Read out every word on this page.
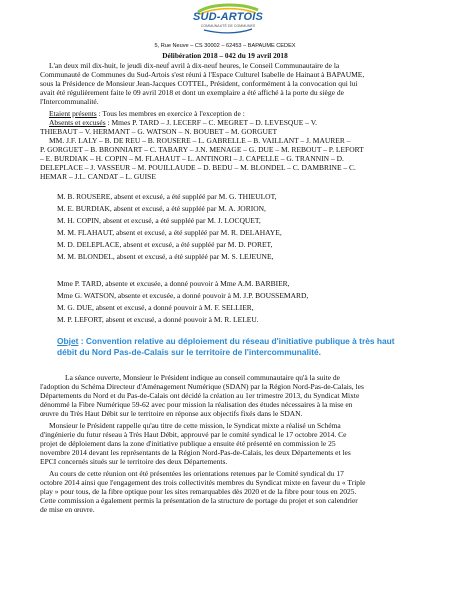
SUD-ARTOIS
COMMUNAUTÉ DE COMMUNES
5, Rue Neuve – CS 30002 – 62453 – BAPAUME CEDEX
Délibération 2018 – 042 du 19 avril 2018
L'an deux mil dix-huit, le jeudi dix-neuf avril à dix-neuf heures, le Conseil Communautaire de la
Communauté de Communes du Sud-Artois s'est réuni à l'Espace Culturel Isabelle de Hainaut à BAPAUME,
sous la Présidence de Monsieur Jean-Jacques COTTEL, Président, conformément à la convocation qui lui
avait été régulièrement faite le 09 avril 2018 et dont un exemplaire a été affiché à la porte du siège de
l'Intercommunalité.
Etaient présents : Tous les membres en exercice à l'exception de :
Absents et excusés : Mmes P. TARD – J. LECERF – C. MEGRET – D. LEVESQUE – V.
THIEBAUT – V. HERMANT – G. WATSON – N. BOUBET – M. GORGUET
MM. J.F. LALY – B. DE REU – B. ROUSERE – L. GABRELLE – B. VAILLANT – J. MAURER –
P. GORGUET – B. BRONNIART – C. TABARY – J.N. MENAGE – G. DUE – M. REBOUT – P. LEFORT
– E. BURDIAK – H. COPIN – M. FLAHAUT – L. ANTINORI – J. CAPELLE – G. TRANNIN – D.
DELEPLACE – J. VASSEUR – M. POUILLAUDE – D. BEDU – M. BLONDEL – C. DAMBRINE – C.
HEMAR – J.L. CANDAT – L. GUISE
M. B. ROUSERE, absent et excusé, a été suppléé par M. G. THIEULOT,
M. E. BURDIAK, absent et excusé, a été suppléé par M. A. JORION,
M. H. COPIN, absent et excusé, a été suppléé par M. J. LOCQUET,
M. M. FLAHAUT, absent et excusé, a été suppléé par M. R. DELAHAYE,
M. D. DELEPLACE, absent et excusé, a été suppléé par M. D. PORET,
M. M. BLONDEL, absent et excusé, a été suppléé par M. S. LEJEUNE,
Mme P. TARD, absente et excusée, a donné pouvoir à Mme A.M. BARBIER,
Mme G. WATSON, absente et excusée, a donné pouvoir à M. J.P. BOUSSEMARD,
M. G. DUE, absent et excusé, a donné pouvoir à M. F. SELLIER,
M. P. LEFORT, absent et excusé, a donné pouvoir à M. R. LELEU.
Objet : Convention relative au déploiement du réseau d'initiative publique à très haut
débit du Nord Pas-de-Calais sur le territoire de l'intercommunalité.
La séance ouverte, Monsieur le Président indique au conseil communautaire qu'à la suite de
l'adoption du Schéma Directeur d'Aménagement Numérique (SDAN) par la Région Nord-Pas-de-Calais, les
Départements du Nord et du Pas-de-Calais ont décidé la création au 1er trimestre 2013, du Syndicat Mixte
dénommé la Fibre Numérique 59-62 avec pour mission la réalisation des études nécessaires à la mise en
œuvre du Très Haut Débit sur le territoire en réponse aux objectifs fixés dans le SDAN.
Monsieur le Président rappelle qu'au titre de cette mission, le Syndicat mixte a réalisé un Schéma
d'ingénierie du futur réseau à Très Haut Débit, approuvé par le comité syndical le 17 octobre 2014. Ce
projet de déploiement dans la zone d'initiative publique a ensuite été présenté en commission le 25
novembre 2014 devant les représentants de la Région Nord-Pas-de-Calais, les deux Départements et les
EPCI concernés situés sur le territoire des deux Départements.
Au cours de cette réunion ont été présentées les orientations retenues par le Comité syndical du 17
octobre 2014 ainsi que l'engagement des trois collectivités membres du Syndicat mixte en faveur du « Triple
play » pour tous, de la fibre optique pour les sites remarquables dès 2020 et de la fibre pour tous en 2025.
Cette commission a également permis la présentation de la structure de portage du projet et son calendrier
de mise en œuvre.
